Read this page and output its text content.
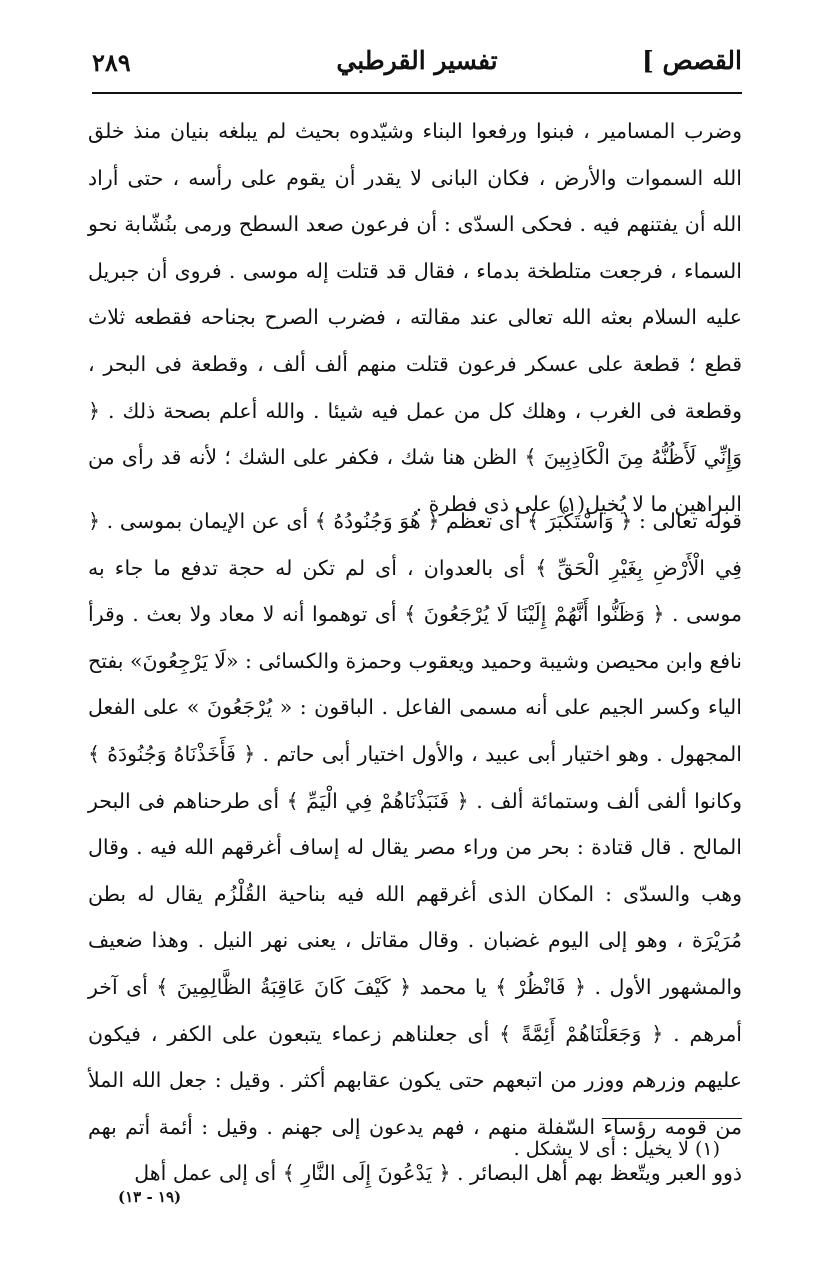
القصص ]
تفسير القرطبي
٢٨٩

وضرب المسامير ، فبنوا ورفعوا البناء وشيّدوه بحيث لم يبلغه بنيان منذ خلق الله السموات والأرض ، فكان البانى لا يقدر أن يقوم على رأسه ، حتى أراد الله أن يفتنهم فيه . فحكى السدّى : أن فرعون صعد السطح ورمى بنُشّابة نحو السماء ، فرجعت متلطخة بدماء ، فقال قد قتلت إله موسى . فروى أن جبريل عليه السلام بعثه الله تعالى عند مقالته ، فضرب الصرح بجناحه فقطعه ثلاث قطع ؛ قطعة على عسكر فرعون قتلت منهم ألف ألف ، وقطعة فى البحر ، وقطعة فى الغرب ، وهلك كل من عمل فيه شيئا . والله أعلم بصحة ذلك . ﴿ وَإِنِّي لَأَظُنُّهُ مِنَ الْكَاذِبِينَ ﴾ الظن هنا شك ، فكفر على الشك ؛ لأنه قد رأى من البراهين ما لا يُخيل(١) على ذى فطرة .

قوله تعالى : ﴿ وَاسْتَكْبَرَ ﴾ أى تعظم ﴿ هُوَ وَجُنُودُهُ ﴾ أى عن الإيمان بموسى . ﴿ فِي الْأَرْضِ بِغَيْرِ الْحَقِّ ﴾ أى بالعدوان ، أى لم تكن له حجة تدفع ما جاء به موسى . ﴿ وَظَنُّوا أَنَّهُمْ إِلَيْنَا لَا يُرْجَعُونَ ﴾ أى توهموا أنه لا معاد ولا بعث . وقرأ نافع وابن محيصن وشيبة وحميد ويعقوب وحمزة والكسائى : «لَا يَرْجِعُونَ» بفتح الياء وكسر الجيم على أنه مسمى الفاعل . الباقون : « يُرْجَعُونَ » على الفعل المجهول . وهو اختيار أبى عبيد ، والأول اختيار أبى حاتم . ﴿ فَأَخَذْنَاهُ وَجُنُودَهُ ﴾ وكانوا ألفى ألف وستمائة ألف . ﴿ فَنَبَذْنَاهُمْ فِي الْيَمِّ ﴾ أى طرحناهم فى البحر المالح . قال قتادة : بحر من وراء مصر يقال له إساف أغرقهم الله فيه . وقال وهب والسدّى : المكان الذى أغرقهم الله فيه بناحية القُلْزُم يقال له بطن مُرَيْرَة ، وهو إلى اليوم غضبان . وقال مقاتل ، يعنى نهر النيل . وهذا ضعيف والمشهور الأول . ﴿ فَانْظُرْ ﴾ يا محمد ﴿ كَيْفَ كَانَ عَاقِبَةُ الظَّالِمِينَ ﴾ أى آخر أمرهم . ﴿ وَجَعَلْنَاهُمْ أَئِمَّةً ﴾ أى جعلناهم زعماء يتبعون على الكفر ، فيكون عليهم وزرهم ووزر من اتبعهم حتى يكون عقابهم أكثر . وقيل : جعل الله الملأ من قومه رؤساء السّفلة منهم ، فهم يدعون إلى جهنم . وقيل : أئمة أتم بهم ذوو العبر ويتّعظ بهم أهل البصائر . ﴿ يَدْعُونَ إِلَى النَّارِ ﴾ أى إلى عمل أهل

(١) لا يخيل : أى لا يشكل .
(١٩ - ١٣)
